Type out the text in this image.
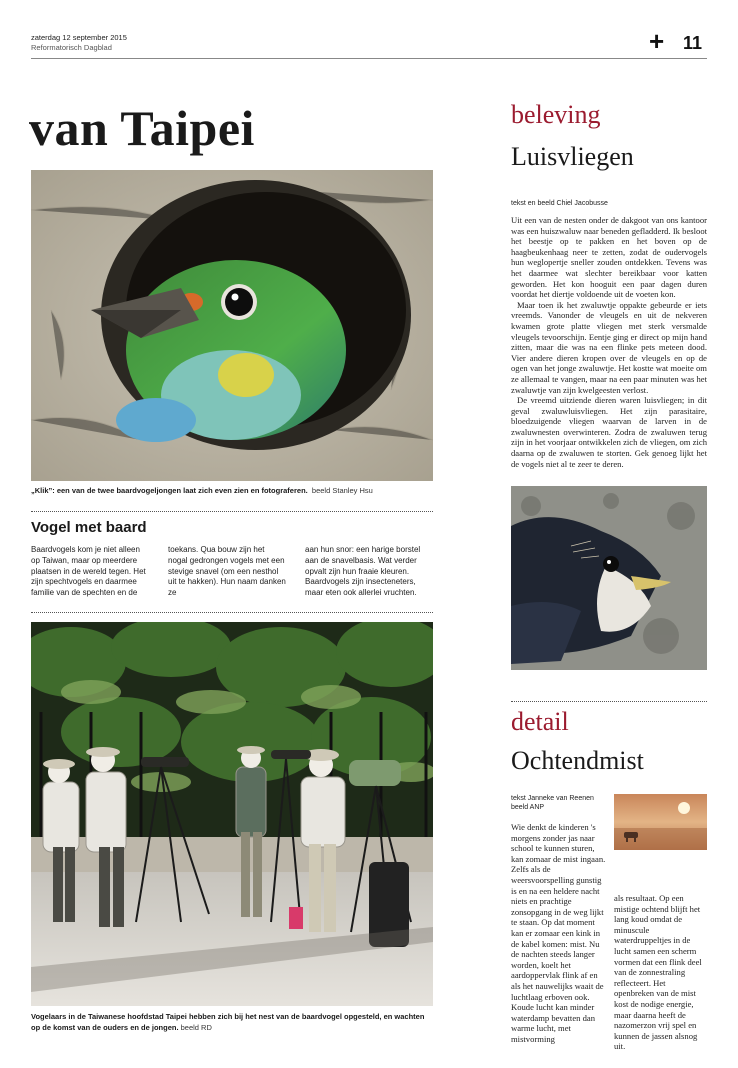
zaterdag 12 september 2015
Reformatorisch Dagblad	+ 11
van Taipei
„Klik”: een van de twee baardvogeljongen laat zich even zien en fotograferen. beeld Stanley Hsu
Vogel met baard
Baardvogels kom je niet alleen op Taiwan, maar op meerdere plaatsen in de wereld tegen. Het zijn spechtvogels en daarmee familie van de spechten en de
toekans. Qua bouw zijn het nogal gedrongen vogels met een stevige snavel (om een nesthol uit te hakken). Hun naam danken ze
aan hun snor: een harige borstel aan de snavelbasis. Wat verder opvalt zijn hun fraaie kleuren. Baardvogels zijn insecteneters, maar eten ook allerlei vruchten.
Vogelaars in de Taiwanese hoofdstad Taipei hebben zich bij het nest van de baardvogel opgesteld, en wachten op de komst van de ouders en de jongen. beeld RD
beleving
Luisvliegen
tekst en beeld Chiel Jacobusse

Uit een van de nesten onder de dakgoot van ons kantoor was een huiszwaluw naar beneden gefladderd. Ik besloot het beestje op te pakken en het boven op de haagbeukenhaag neer te zetten, zodat de oudervogels hun weglopertje sneller zouden ontdekken. Tevens was het daarmee wat slechter bereikbaar voor katten geworden. Het kon hooguit een paar dagen duren voordat het diertje voldoende uit de voeten kon.

Maar toen ik het zwaluwtje oppakte gebeurde er iets vreemds. Vanonder de vleugels en uit de nekveren kwamen grote platte vliegen met sterk versmalde vleugels tevoorschijn. Eentje ging er direct op mijn hand zitten, maar die was na een flinke pets meteen dood. Vier andere dieren kropen over de vleugels en op de ogen van het jonge zwaluwtje. Het kostte wat moeite om ze allemaal te vangen, maar na een paar minuten was het zwaluwtje van zijn kwelgeesten verlost.

De vreemd uitziende dieren waren luisvliegen; in dit geval zwaluwluisvliegen. Het zijn parasitaire, bloedzuigende vliegen waarvan de larven in de zwaluwnesten overwinteren. Zodra de zwaluwen terug zijn in het voorjaar ontwikkelen zich de vliegen, om zich daarna op de zwaluwen te storten. Gek genoeg lijkt het de vogels niet al te zeer te deren.

detail
Ochtendmist
tekst Janneke van Reenen
beeld ANP
Wie denkt de kinderen 's morgens zonder jas naar school te kunnen sturen, kan zomaar de mist ingaan. Zelfs als de weersvoorspelling gunstig is en na een heldere nacht niets en prachtige zonsopgang in de weg lijkt te staan. Op dat moment kan er zomaar een kink in de kabel komen: mist. Nu de nachten steeds langer worden, koelt het aardoppervlak flink af en als het nauwelijks waait de luchtlaag erboven ook. Koude lucht kan minder waterdamp bevatten dan warme lucht, met mistvorming
als resultaat. Op een mistige ochtend blijft het lang koud omdat de minuscule waterdruppeltjes in de lucht samen een scherm vormen dat een flink deel van de zonnestraling reflecteert. Het openbreken van de mist kost de nodige energie, maar daarna heeft de nazomerzon vrij spel en kunnen de jassen alsnog uit.
